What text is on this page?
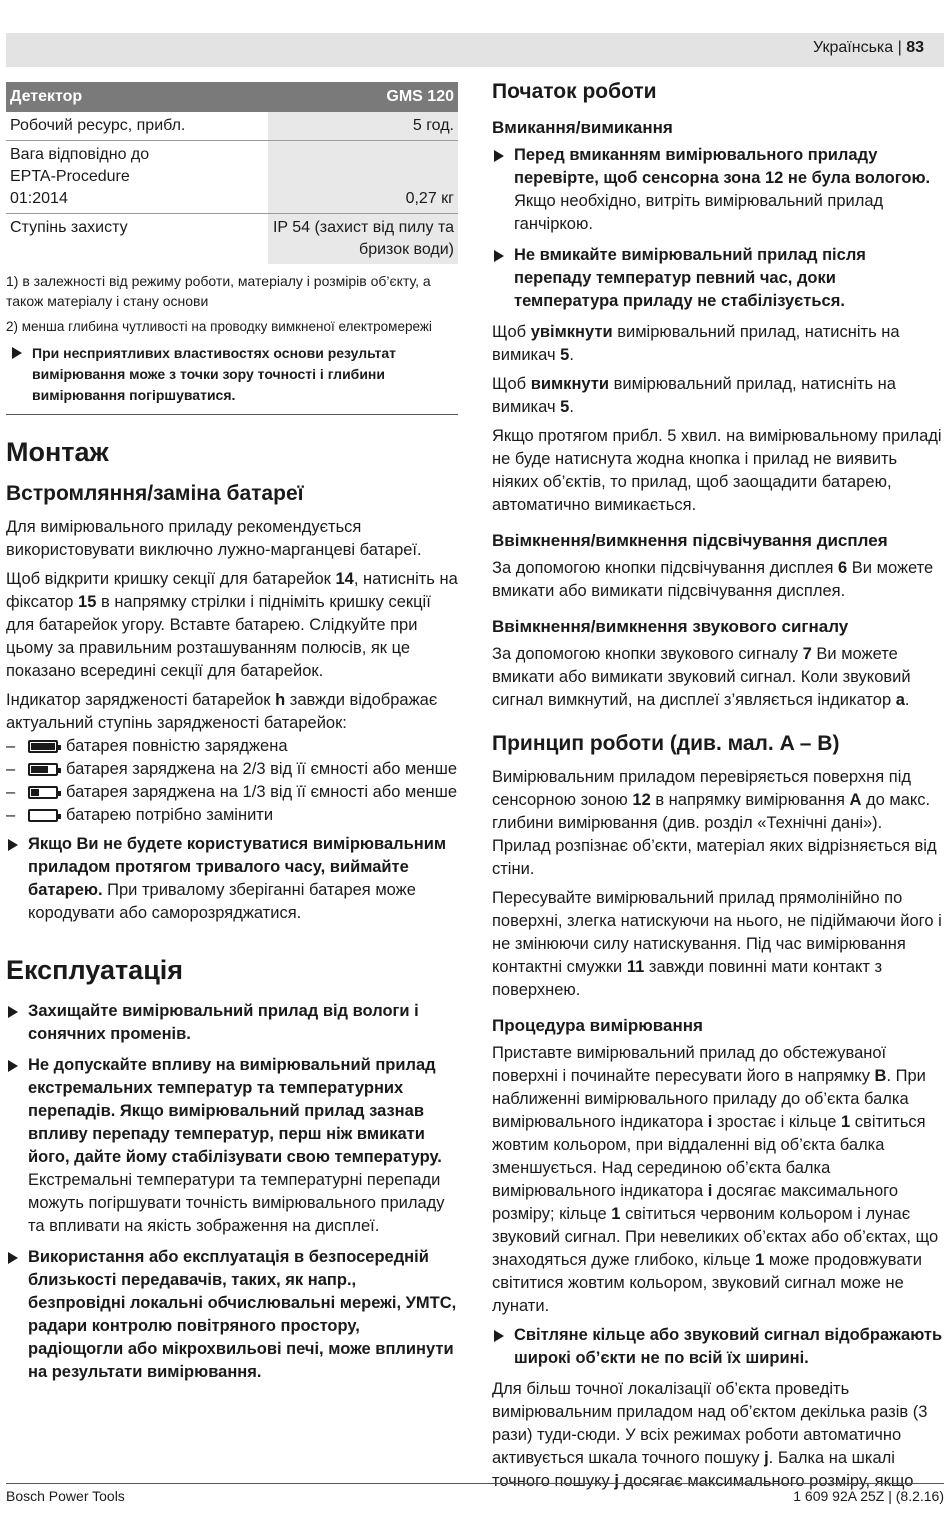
Українська | 83
Детектор	GMS 120
Робочий ресурс, прибл.	5 год.
Вага відповідно до EPTA-Procedure 01:2014	0,27 кг
Ступінь захисту	IP 54 (захист від пилу та бризок води)

1) в залежності від режиму роботи, матеріалу і розмірів об’єкту, а також матеріалу і стану основи

2) менша глибина чутливості на проводку вимкненої електромережі

При несприятливих властивостях основи результат вимірювання може з точки зору точності і глибини вимірювання погіршуватися.
Монтаж
Встромляння/заміна батареї

Для вимірювального приладу рекомендується використовувати виключно лужно-марганцеві батареї.

Щоб відкрити кришку секції для батарейок 14, натисніть на фіксатор 15 в напрямку стрілки і підніміть кришку секції для батарейок угору. Вставте батарею. Слідкуйте при цьому за правильним розташуванням полюсів, як це показано всередині секції для батарейок.

Індикатор зарядженості батарейок h завжди відображає актуальний ступінь зарядженості батарейок:

–	батарея повністю заряджена
–	батарея заряджена на 2/3 від її ємності або менше
–	батарея заряджена на 1/3 від її ємності або менше
–	батарею потрібно замінити
Якщо Ви не будете користуватися вимірювальним приладом протягом тривалого часу, виймайте батарею. При тривалому зберіганні батарея може кородувати або саморозряджатися.
Експлуатація
Захищайте вимірювальний прилад від вологи і сонячних променів.
Не допускайте впливу на вимірювальний прилад екстремальних температур та температурних перепадів. Якщо вимірювальний прилад зазнав впливу перепаду температур, перш ніж вмикати його, дайте йому стабілізувати свою температуру. Екстремальні температури та температурні перепади можуть погіршувати точність вимірювального приладу та впливати на якість зображення на дисплеї.
Використання або експлуатація в безпосередній близькості передавачів, таких, як напр., безпровідні локальні обчислювальні мережі, УМТС, радари контролю повітряного простору, радіощогли або мікрохвильові печі, може вплинути на результати вимірювання.
Початок роботи
Вмикання/вимикання
Перед вмиканням вимірювального приладу перевірте, щоб сенсорна зона 12 не була вологою. Якщо необхідно, витріть вимірювальний прилад ганчіркою.
Не вмикайте вимірювальний прилад після перепаду температур певний час, доки температура приладу не стабілізується.

Щоб увімкнути вимірювальний прилад, натисніть на вимикач 5.

Щоб вимкнути вимірювальний прилад, натисніть на вимикач 5.

Якщо протягом прибл. 5 хвил. на вимірювальному приладі не буде натиснута жодна кнопка і прилад не виявить ніяких об’єктів, то прилад, щоб заощадити батарею, автоматично вимикається.

Ввімкнення/вимкнення підсвічування дисплея

За допомогою кнопки підсвічування дисплея 6 Ви можете вмикати або вимикати підсвічування дисплея.

Ввімкнення/вимкнення звукового сигналу

За допомогою кнопки звукового сигналу 7 Ви можете вмикати або вимикати звуковий сигнал. Коли звуковий сигнал вимкнутий, на дисплеї з’являється індикатор a.

Принцип роботи (див. мал. A – B)

Вимірювальним приладом перевіряється поверхня під сенсорною зоною 12 в напрямку вимірювання A до макс. глибини вимірювання (див. розділ «Технічні дані»). Прилад розпізнає об’єкти, матеріал яких відрізняється від стіни.

Пересувайте вимірювальний прилад прямолінійно по поверхні, злегка натискуючи на нього, не підіймаючи його і не змінюючи силу натискування. Під час вимірювання контактні смужки 11 завжди повинні мати контакт з поверхнею.

Процедура вимірювання

Приставте вимірювальний прилад до обстежуваної поверхні і починайте пересувати його в напрямку B. При наближенні вимірювального приладу до об’єкта балка вимірювального індикатора i зростає і кільце 1 світиться жовтим кольором, при віддаленні від об’єкта балка зменшується. Над серединою об’єкта балка вимірювального індикатора i досягає максимального розміру; кільце 1 світиться червоним кольором і лунає звуковий сигнал. При невеликих об’єктах або об’єктах, що знаходяться дуже глибоко, кільце 1 може продовжувати світитися жовтим кольором, звуковий сигнал може не лунати.

Світляне кільце або звуковий сигнал відображають широкі об’єкти не по всій їх ширині.

Для більш точної локалізації об’єкта проведіть вимірювальним приладом над об’єктом декілька разів (3 рази) туди-сюди. У всіх режимах роботи автоматично активується шкала точного пошуку j. Балка на шкалі точного пошуку j досягає максимального розміру, якщо

Bosch Power Tools	1 609 92A 25Z | (8.2.16)
